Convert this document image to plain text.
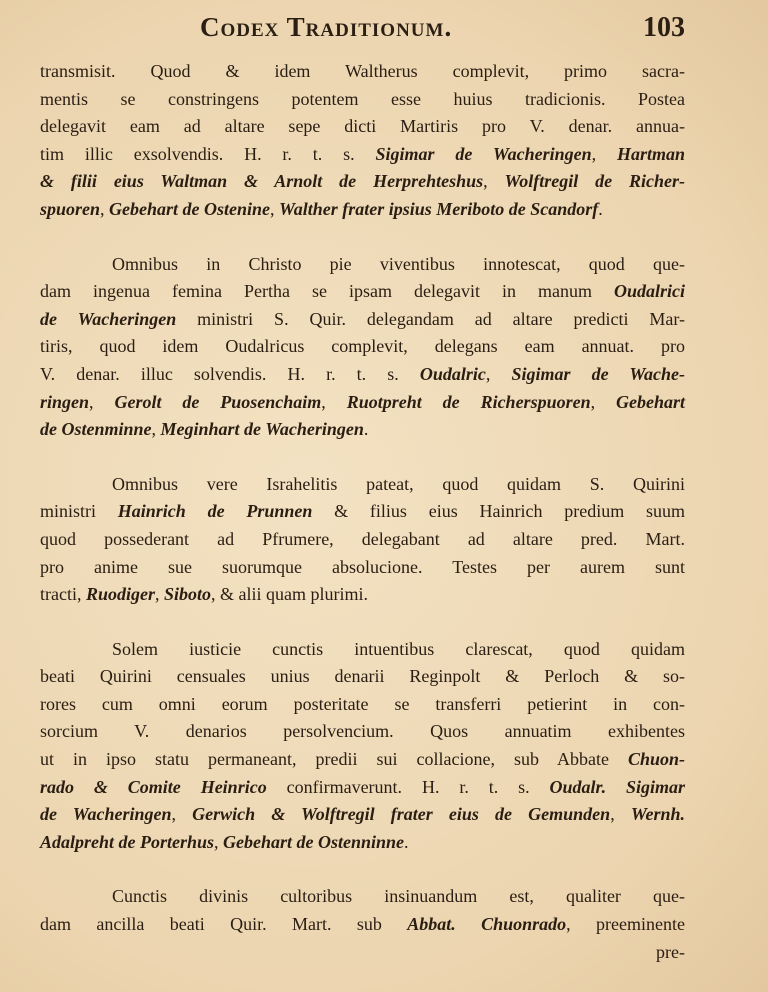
Codex Traditionum.	103
transmisit. Quod & idem Waltherus complevit, primo sacra-
mentis se constringens potentem esse huius tradicionis. Postea
delegavit eam ad altare sepe dicti Martiris pro V. denar. annua-
tim illic exsolvendis. H. r. t. s. Sigimar de Wacheringen, Hartman
& filii eius Waltman & Arnolt de Herprehteshus, Wolftregil de Richer-
spuoren, Gebehart de Ostenine, Walther frater ipsius Meriboto de Scandorf.
Omnibus in Christo pie viventibus innotescat, quod que-
dam ingenua femina Pertha se ipsam delegavit in manum Oudalrici
de Wacheringen ministri S. Quir. delegandam ad altare predicti Mar-
tiris, quod idem Oudalricus complevit, delegans eam annuat. pro
V. denar. illuc solvendis. H. r. t. s. Oudalric, Sigimar de Wache-
ringen, Gerolt de Puosenchaim, Ruotpreht de Richerspuoren, Gebehart
de Ostenminne, Meginhart de Wacheringen.
Omnibus vere Israhelitis pateat, quod quidam S. Quirini
ministri Hainrich de Prunnen & filius eius Hainrich predium suum
quod possederant ad Pfrumere, delegabant ad altare pred. Mart.
pro anime sue suorumque absolucione. Testes per aurem sunt
tracti, Ruodiger, Siboto, & alii quam plurimi.
Solem iusticie cunctis intuentibus clarescat, quod quidam
beati Quirini censuales unius denarii Reginpolt & Perloch & so-
rores cum omni eorum posteritate se transferri petierint in con-
sorcium V. denarios persolvencium. Quos annuatim exhibentes
ut in ipso statu permaneant, predii sui collacione, sub Abbate Chuon-
rado & Comite Heinrico confirmaverunt. H. r. t. s. Oudalr. Sigimar
de Wacheringen, Gerwich & Wolftregil frater eius de Gemunden, Wernh.
Adalpreht de Porterhus, Gebehart de Ostenninne.
Cunctis divinis cultoribus insinuandum est, qualiter que-
dam ancilla beati Quir. Mart. sub Abbat. Chuonrado, preeminente
pre-
